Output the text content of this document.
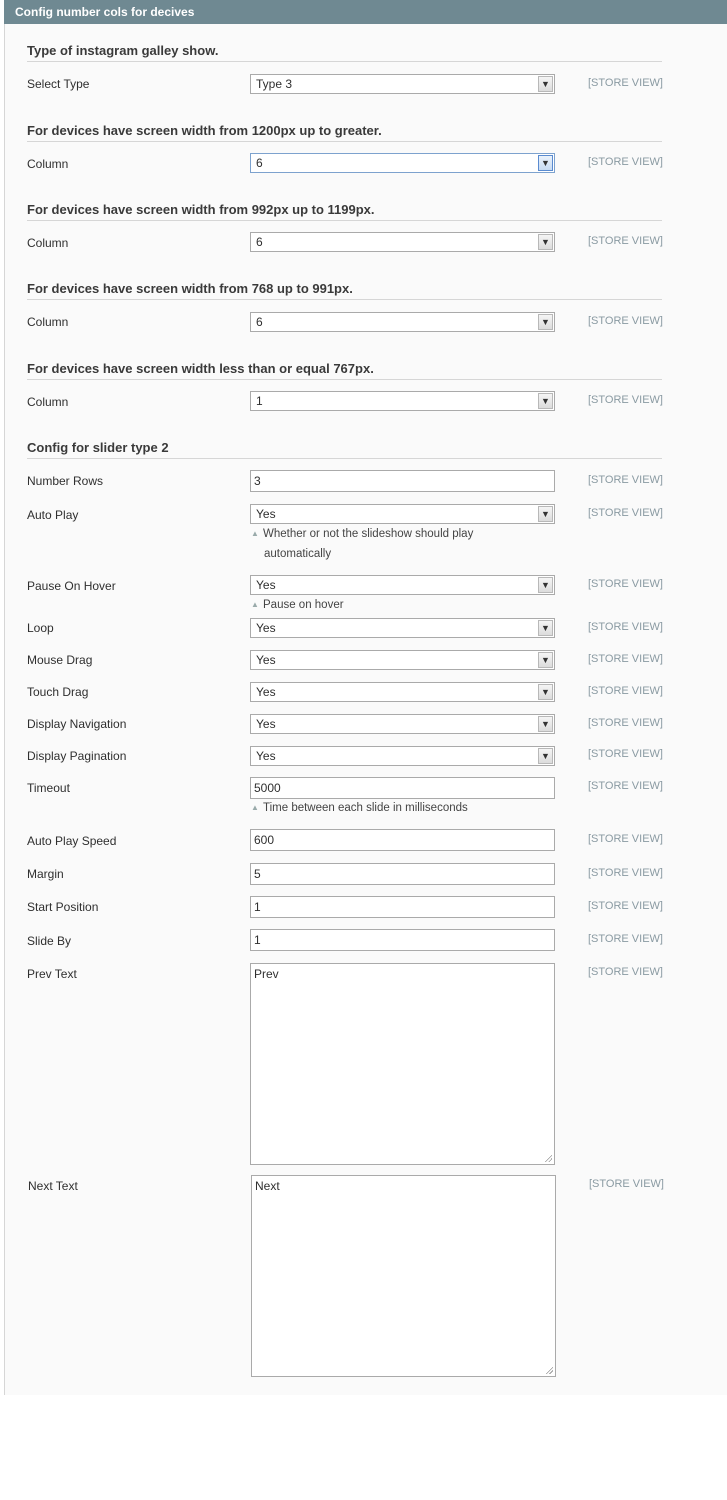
Config number cols for decives
Type of instagram galley show.
Select Type	Type 3	▼	[STORE VIEW]
For devices have screen width from 1200px up to greater.
Column	6	▼	[STORE VIEW]
For devices have screen width from 992px up to 1199px.
Column	6	▼	[STORE VIEW]
For devices have screen width from 768 up to 991px.
Column	6	▼	[STORE VIEW]
For devices have screen width less than or equal 767px.
Column	1	▼	[STORE VIEW]
Config for slider type 2
Number Rows	3	[STORE VIEW]
Auto Play	Yes	▼	[STORE VIEW]
▲ Whether or not the slideshow should play
automatically
Pause On Hover	Yes	▼	[STORE VIEW]
▲ Pause on hover
Loop	Yes	▼	[STORE VIEW]
Mouse Drag	Yes	▼	[STORE VIEW]
Touch Drag	Yes	▼	[STORE VIEW]
Display Navigation	Yes	▼	[STORE VIEW]
Display Pagination	Yes	▼	[STORE VIEW]
Timeout	5000	[STORE VIEW]
▲ Time between each slide in milliseconds
Auto Play Speed	600	[STORE VIEW]
Margin	5	[STORE VIEW]
Start Position	1	[STORE VIEW]
Slide By	1	[STORE VIEW]
Prev Text	Prev	[STORE VIEW]
Next Text	Next	[STORE VIEW]
